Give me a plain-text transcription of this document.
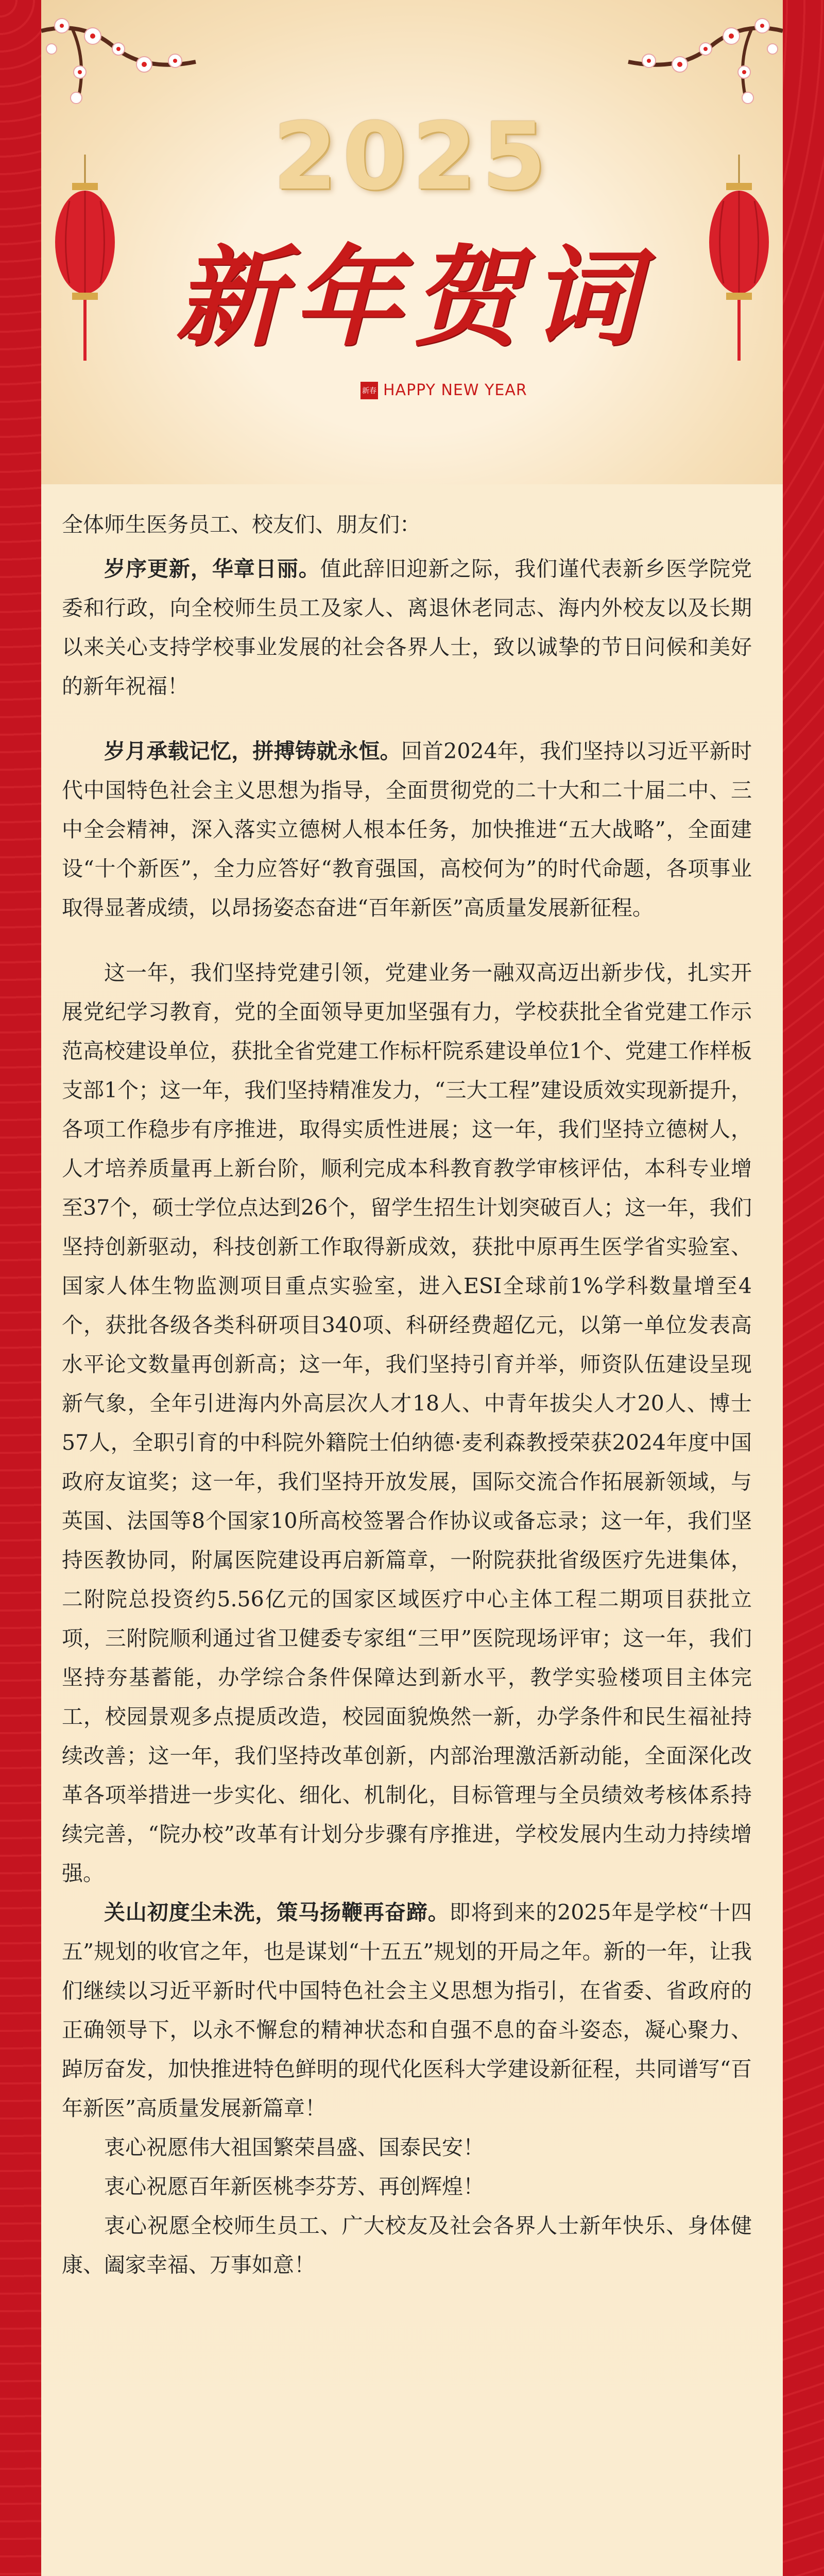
2025
新年贺词
新春 HAPPY NEW YEAR

全体师生医务员工、校友们、朋友们：

岁序更新，华章日丽。值此辞旧迎新之际，我们谨代表新乡医学院党委和行政，向全校师生员工及家人、离退休老同志、海内外校友以及长期以来关心支持学校事业发展的社会各界人士，致以诚挚的节日问候和美好的新年祝福！

岁月承载记忆，拼搏铸就永恒。回首2024年，我们坚持以习近平新时代中国特色社会主义思想为指导，全面贯彻党的二十大和二十届二中、三中全会精神，深入落实立德树人根本任务，加快推进“五大战略”，全面建设“十个新医”，全力应答好“教育强国，高校何为”的时代命题，各项事业取得显著成绩，以昂扬姿态奋进“百年新医”高质量发展新征程。

这一年，我们坚持党建引领，党建业务一融双高迈出新步伐，扎实开展党纪学习教育，党的全面领导更加坚强有力，学校获批全省党建工作示范高校建设单位，获批全省党建工作标杆院系建设单位1个、党建工作样板支部1个；这一年，我们坚持精准发力，“三大工程”建设质效实现新提升，各项工作稳步有序推进，取得实质性进展；这一年，我们坚持立德树人，人才培养质量再上新台阶，顺利完成本科教育教学审核评估，本科专业增至37个，硕士学位点达到26个，留学生招生计划突破百人；这一年，我们坚持创新驱动，科技创新工作取得新成效，获批中原再生医学省实验室、国家人体生物监测项目重点实验室，进入ESI全球前1%学科数量增至4个，获批各级各类科研项目340项、科研经费超亿元，以第一单位发表高水平论文数量再创新高；这一年，我们坚持引育并举，师资队伍建设呈现新气象，全年引进海内外高层次人才18人、中青年拔尖人才20人、博士57人，全职引育的中科院外籍院士伯纳德·麦利森教授荣获2024年度中国政府友谊奖；这一年，我们坚持开放发展，国际交流合作拓展新领域，与英国、法国等8个国家10所高校签署合作协议或备忘录；这一年，我们坚持医教协同，附属医院建设再启新篇章，一附院获批省级医疗先进集体，二附院总投资约5.56亿元的国家区域医疗中心主体工程二期项目获批立项，三附院顺利通过省卫健委专家组“三甲”医院现场评审；这一年，我们坚持夯基蓄能，办学综合条件保障达到新水平，教学实验楼项目主体完工，校园景观多点提质改造，校园面貌焕然一新，办学条件和民生福祉持续改善；这一年，我们坚持改革创新，内部治理激活新动能，全面深化改革各项举措进一步实化、细化、机制化，目标管理与全员绩效考核体系持续完善，“院办校”改革有计划分步骤有序推进，学校发展内生动力持续增强。

关山初度尘未洗，策马扬鞭再奋蹄。即将到来的2025年是学校“十四五”规划的收官之年，也是谋划“十五五”规划的开局之年。新的一年，让我们继续以习近平新时代中国特色社会主义思想为指引，在省委、省政府的正确领导下，以永不懈怠的精神状态和自强不息的奋斗姿态，凝心聚力、踔厉奋发，加快推进特色鲜明的现代化医科大学建设新征程，共同谱写“百年新医”高质量发展新篇章！

衷心祝愿伟大祖国繁荣昌盛、国泰民安！

衷心祝愿百年新医桃李芬芳、再创辉煌！

衷心祝愿全校师生员工、广大校友及社会各界人士新年快乐、身体健康、阖家幸福、万事如意！
